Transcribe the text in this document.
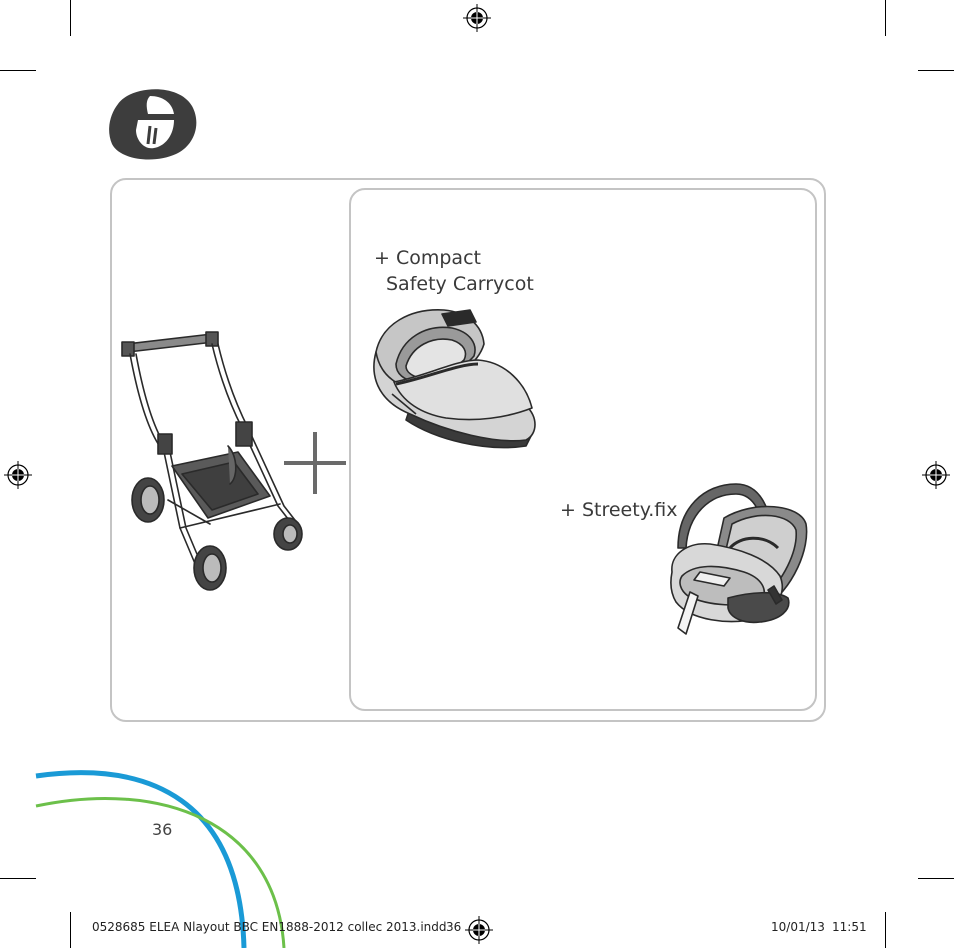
+ Compact
Safety Carrycot
+ Streety.fix
36
0528685 ELEA Nlayout BBC EN1888-2012 collec 2013.indd 36	10/01/13 11:51
